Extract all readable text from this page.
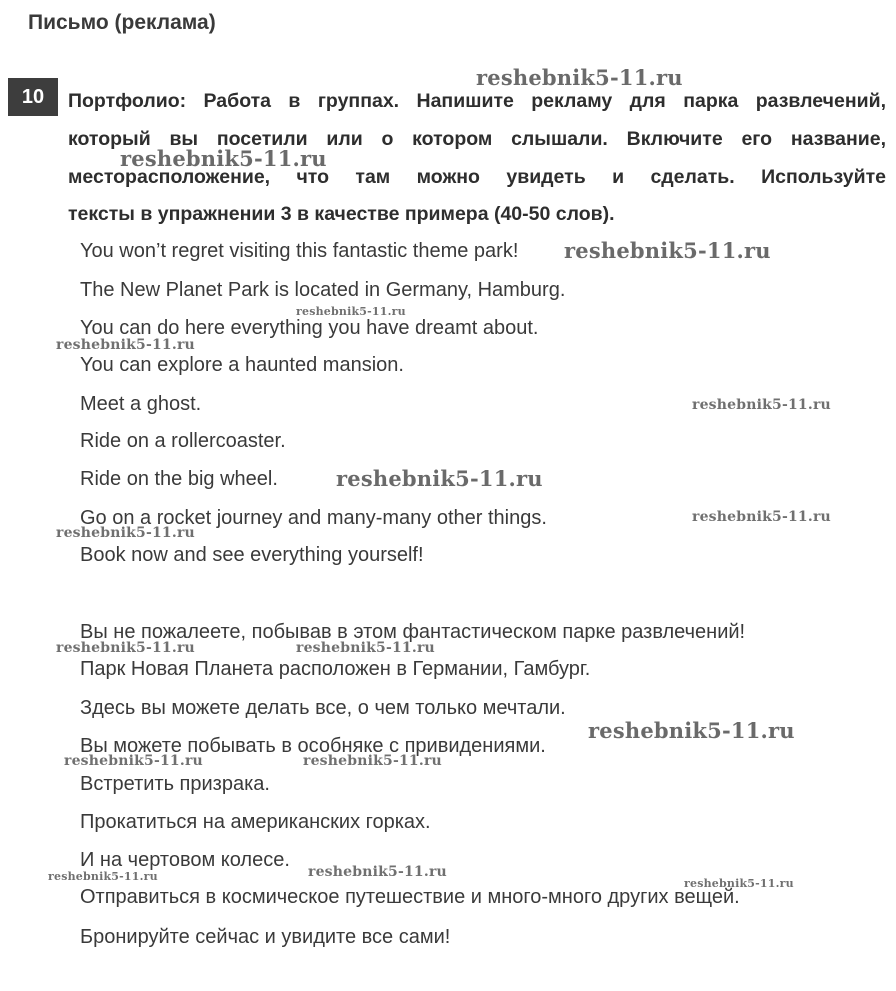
Письмо (реклама)
10	Портфолио: Работа в группах. Напишите рекламу для парка развлечений,
который вы посетили или о котором слышали. Включите его название,
месторасположение, что там можно увидеть и сделать. Используйте
тексты в упражнении 3 в качестве примера (40-50 слов).
You won’t regret visiting this fantastic theme park!
The New Planet Park is located in Germany, Hamburg.
You can do here everything you have dreamt about.
You can explore a haunted mansion.
Meet a ghost.
Ride on a rollercoaster.
Ride on the big wheel.
Go on a rocket journey and many-many other things.
Book now and see everything yourself!
Вы не пожалеете, побывав в этом фантастическом парке развлечений!
Парк Новая Планета расположен в Германии, Гамбург.
Здесь вы можете делать все, о чем только мечтали.
Вы можете побывать в особняке с привидениями.
Встретить призрака.
Прокатиться на американских горках.
И на чертовом колесе.
Отправиться в космическое путешествие и много-много других вещей.
Бронируйте сейчас и увидите все сами!
reshebnik5-11.ru
reshebnik5-11.ru
reshebnik5-11.ru
reshebnik5-11.ru
reshebnik5-11.ru
reshebnik5-11.ru
reshebnik5-11.ru
reshebnik5-11.ru
reshebnik5-11.ru
reshebnik5-11.ru	reshebnik5-11.ru
reshebnik5-11.ru
reshebnik5-11.ru	reshebnik5-11.ru
reshebnik5-11.ru
reshebnik5-11.ru
reshebnik5-11.ru
